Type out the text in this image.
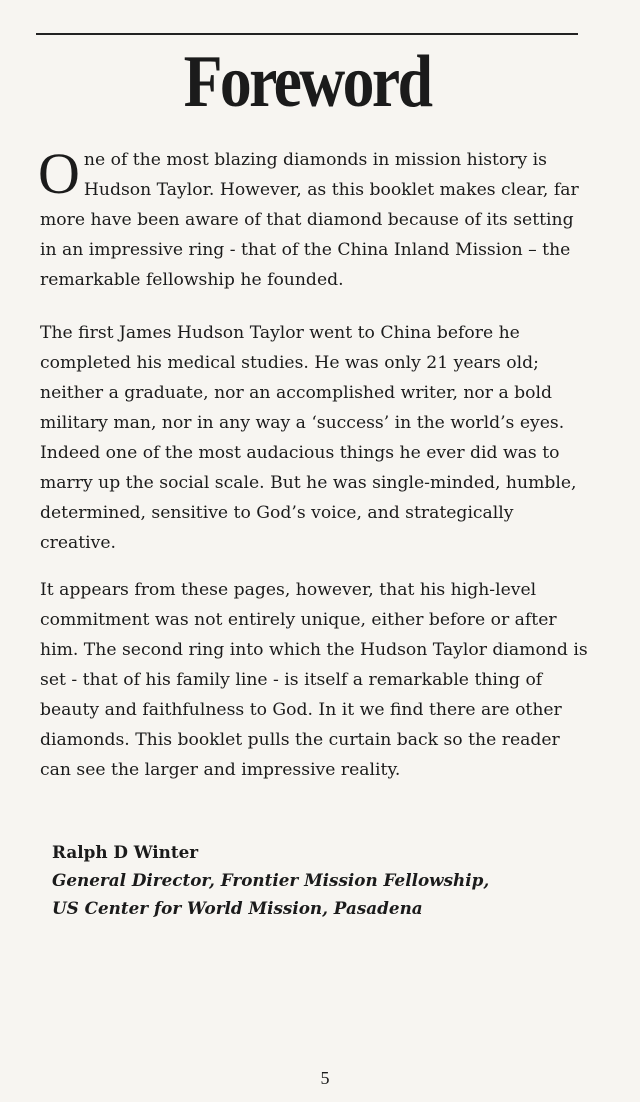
Foreword

One of the most blazing diamonds in mission history is Hudson Taylor. However, as this booklet makes clear, far more have been aware of that diamond because of its setting in an impressive ring - that of the China Inland Mission – the remarkable fellowship he founded.

The first James Hudson Taylor went to China before he completed his medical studies. He was only 21 years old; neither a graduate, nor an accomplished writer, nor a bold military man, nor in any way a ‘success’ in the world’s eyes. Indeed one of the most audacious things he ever did was to marry up the social scale. But he was single-minded, humble, determined, sensitive to God’s voice, and strategically creative.

It appears from these pages, however, that his high-level commitment was not entirely unique, either before or after him. The second ring into which the Hudson Taylor diamond is set - that of his family line - is itself a remarkable thing of beauty and faithfulness to God. In it we find there are other diamonds. This booklet pulls the curtain back so the reader can see the larger and impressive reality.

Ralph D Winter
General Director, Frontier Mission Fellowship,
US Center for World Mission, Pasadena
5
